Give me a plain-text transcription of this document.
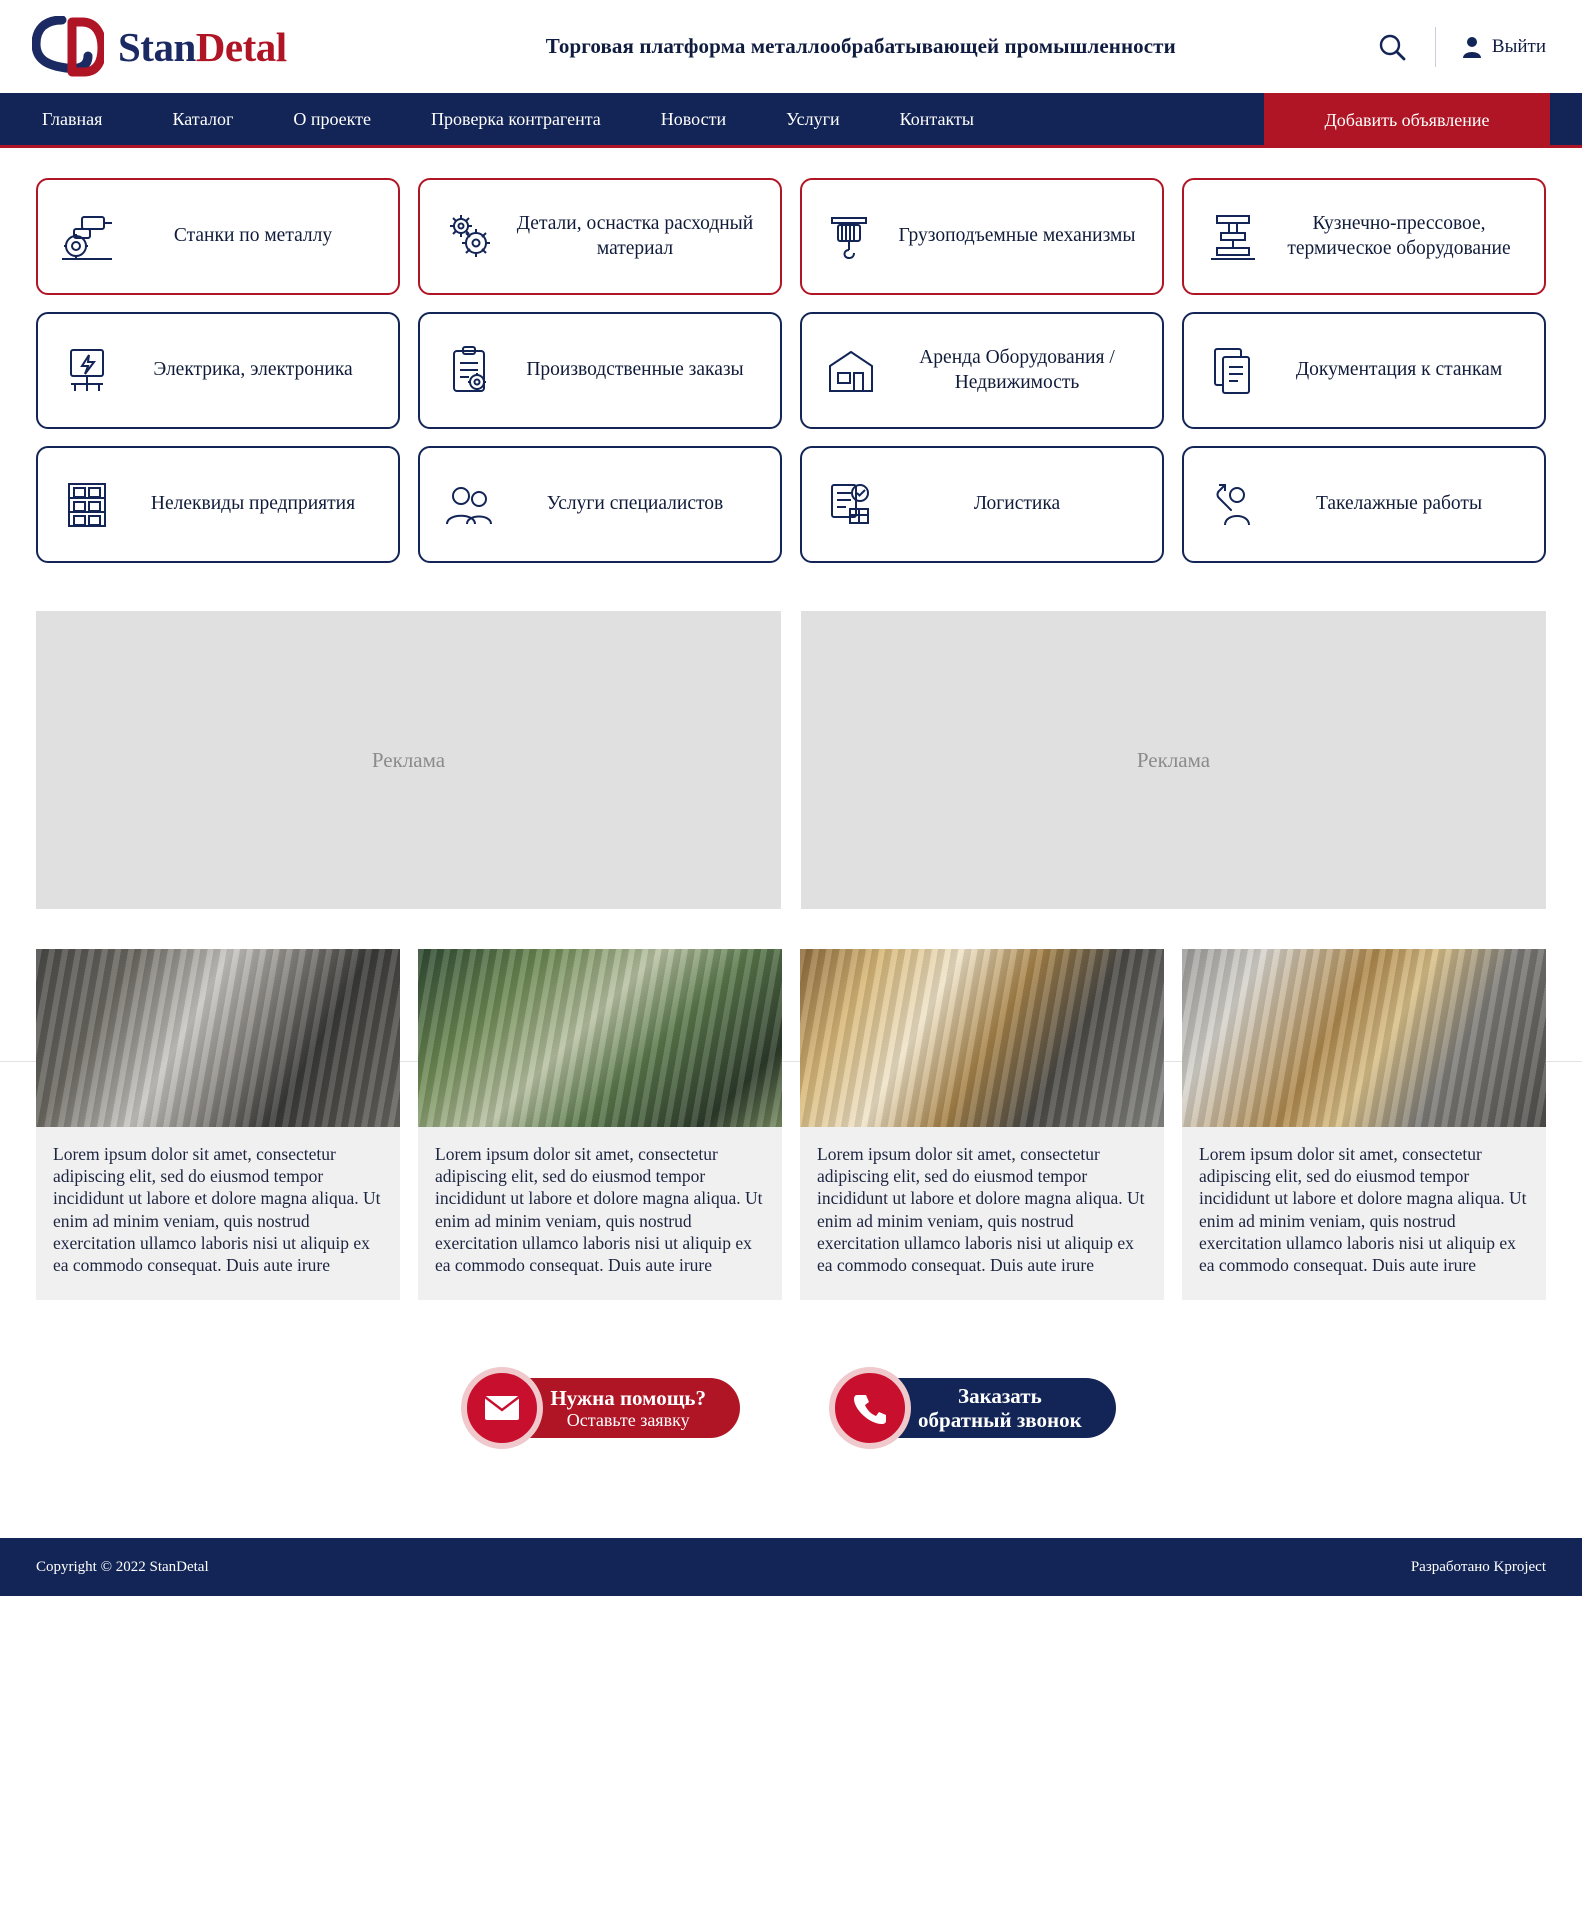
StanDetal	Торговая платформа металлообрабатывающей промышленности	Выйти
Главная	Каталог	О проекте	Проверка контрагента	Новости	Услуги	Контакты	Добавить объявление
Станки по металлу
Детали, оснастка расходный материал
Грузоподъемные механизмы
Кузнечно-прессовое, термическое оборудование
Электрика, электроника	Производственные заказы
Аренда Оборудования / Недвижимость
Документация к станкам
Нелеквиды предприятия	Услуги специалистов	Логистика	Такелажные работы
Реклама	Реклама
Lorem ipsum dolor sit amet, consectetur adipiscing elit, sed do eiusmod tempor incididunt ut labore et dolore magna aliqua. Ut enim ad minim veniam, quis nostrud exercitation ullamco laboris nisi ut aliquip ex ea commodo consequat. Duis aute irure
Lorem ipsum dolor sit amet, consectetur adipiscing elit, sed do eiusmod tempor incididunt ut labore et dolore magna aliqua. Ut enim ad minim veniam, quis nostrud exercitation ullamco laboris nisi ut aliquip ex ea commodo consequat. Duis aute irure
Lorem ipsum dolor sit amet, consectetur adipiscing elit, sed do eiusmod tempor incididunt ut labore et dolore magna aliqua. Ut enim ad minim veniam, quis nostrud exercitation ullamco laboris nisi ut aliquip ex ea commodo consequat. Duis aute irure
Lorem ipsum dolor sit amet, consectetur adipiscing elit, sed do eiusmod tempor incididunt ut labore et dolore magna aliqua. Ut enim ad minim veniam, quis nostrud exercitation ullamco laboris nisi ut aliquip ex ea commodo consequat. Duis aute irure
Нужна помощь?
Оставьте заявку
Заказать
обратный звонок
Copyright © 2022 StanDetal	Разработано Kproject
